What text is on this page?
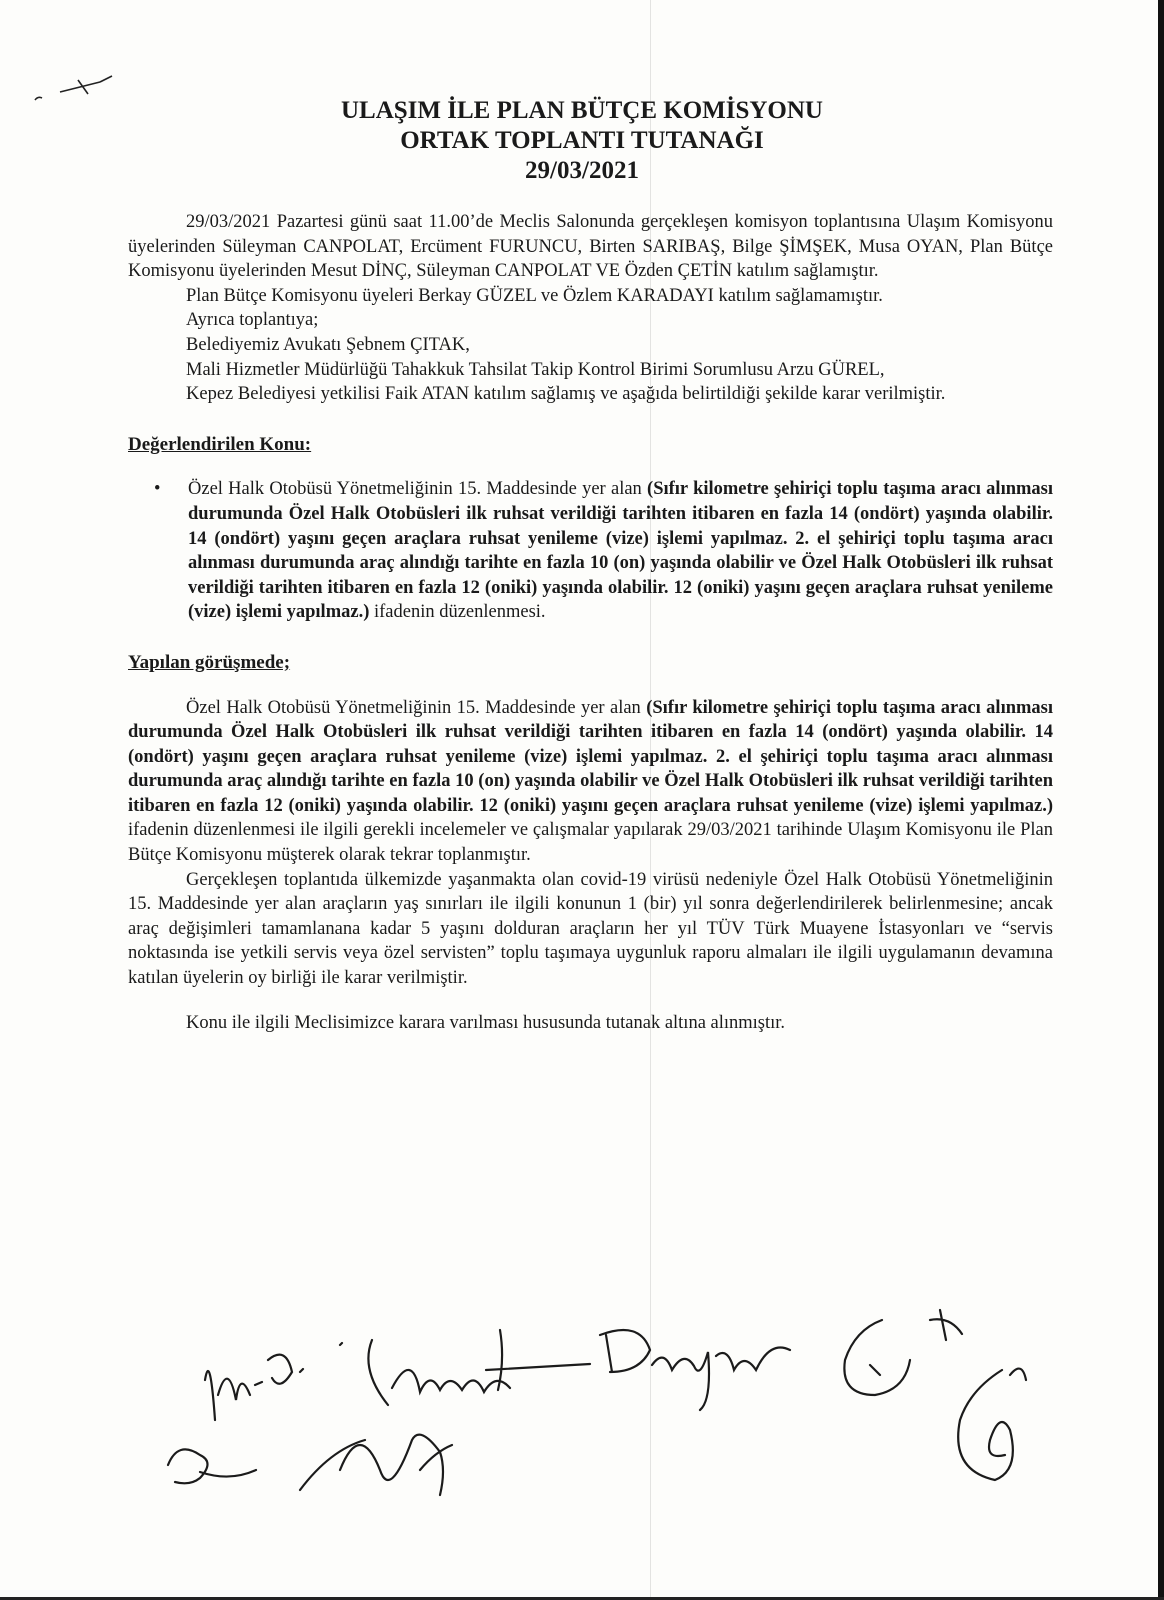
ULAŞIM İLE PLAN BÜTÇE KOMİSYONU
ORTAK TOPLANTI TUTANAĞI
29/03/2021

29/03/2021 Pazartesi günü saat 11.00’de Meclis Salonunda gerçekleşen komisyon toplantısına Ulaşım Komisyonu üyelerinden Süleyman CANPOLAT, Ercüment FURUNCU, Birten SARIBAŞ, Bilge ŞİMŞEK, Musa OYAN, Plan Bütçe Komisyonu üyelerinden Mesut DİNÇ, Süleyman CANPOLAT VE Özden ÇETİN katılım sağlamıştır.

Plan Bütçe Komisyonu üyeleri Berkay GÜZEL ve Özlem KARADAYI katılım sağlamamıştır.

Ayrıca toplantıya;

Belediyemiz Avukatı Şebnem ÇITAK,

Mali Hizmetler Müdürlüğü Tahakkuk Tahsilat Takip Kontrol Birimi Sorumlusu Arzu GÜREL,

Kepez Belediyesi yetkilisi Faik ATAN katılım sağlamış ve aşağıda belirtildiği şekilde karar verilmiştir.

Değerlendirilen Konu:

•	Özel Halk Otobüsü Yönetmeliğinin 15. Maddesinde yer alan (Sıfır kilometre şehiriçi toplu taşıma aracı alınması durumunda Özel Halk Otobüsleri ilk ruhsat verildiği tarihten itibaren en fazla 14 (ondört) yaşında olabilir. 14 (ondört) yaşını geçen araçlara ruhsat yenileme (vize) işlemi yapılmaz. 2. el şehiriçi toplu taşıma aracı alınması durumunda araç alındığı tarihte en fazla 10 (on) yaşında olabilir ve Özel Halk Otobüsleri ilk ruhsat verildiği tarihten itibaren en fazla 12 (oniki) yaşında olabilir. 12 (oniki) yaşını geçen araçlara ruhsat yenileme (vize) işlemi yapılmaz.) ifadenin düzenlenmesi.

Yapılan görüşmede;

Özel Halk Otobüsü Yönetmeliğinin 15. Maddesinde yer alan (Sıfır kilometre şehiriçi toplu taşıma aracı alınması durumunda Özel Halk Otobüsleri ilk ruhsat verildiği tarihten itibaren en fazla 14 (ondört) yaşında olabilir. 14 (ondört) yaşını geçen araçlara ruhsat yenileme (vize) işlemi yapılmaz. 2. el şehiriçi toplu taşıma aracı alınması durumunda araç alındığı tarihte en fazla 10 (on) yaşında olabilir ve Özel Halk Otobüsleri ilk ruhsat verildiği tarihten itibaren en fazla 12 (oniki) yaşında olabilir. 12 (oniki) yaşını geçen araçlara ruhsat yenileme (vize) işlemi yapılmaz.) ifadenin düzenlenmesi ile ilgili gerekli incelemeler ve çalışmalar yapılarak 29/03/2021 tarihinde Ulaşım Komisyonu ile Plan Bütçe Komisyonu müşterek olarak tekrar toplanmıştır.

Gerçekleşen toplantıda ülkemizde yaşanmakta olan covid-19 virüsü nedeniyle Özel Halk Otobüsü Yönetmeliğinin 15. Maddesinde yer alan araçların yaş sınırları ile ilgili konunun 1 (bir) yıl sonra değerlendirilerek belirlenmesine; ancak araç değişimleri tamamlanana kadar 5 yaşını dolduran araçların her yıl TÜV Türk Muayene İstasyonları ve “servis noktasında ise yetkili servis veya özel servisten” toplu taşımaya uygunluk raporu almaları ile ilgili uygulamanın devamına katılan üyelerin oy birliği ile karar verilmiştir.

Konu ile ilgili Meclisimizce karara varılması hususunda tutanak altına alınmıştır.
